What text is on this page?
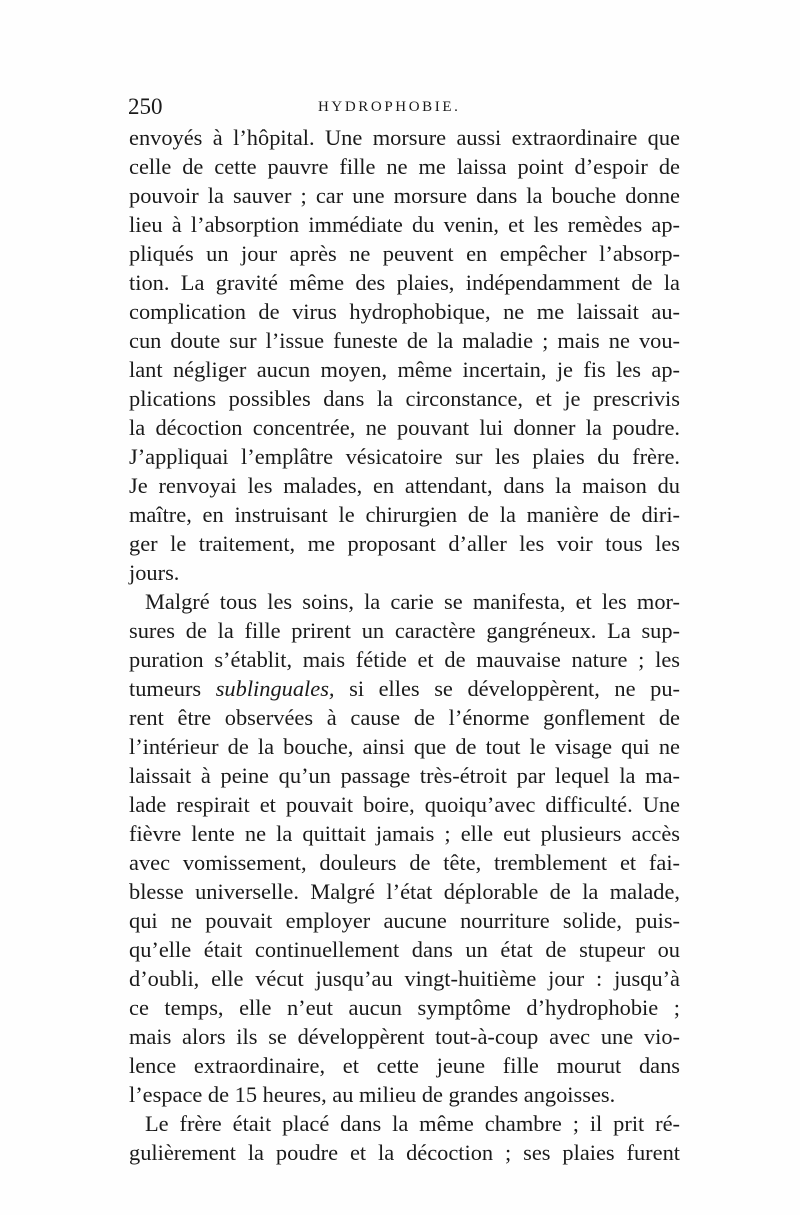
250	HYDROPHOBIE.
envoyés à l’hôpital. Une morsure aussi extraordinaire que
celle de cette pauvre fille ne me laissa point d’espoir de
pouvoir la sauver ; car une morsure dans la bouche donne
lieu à l’absorption immédiate du venin, et les remèdes ap-
pliqués un jour après ne peuvent en empêcher l’absorp-
tion. La gravité même des plaies, indépendamment de la
complication de virus hydrophobique, ne me laissait au-
cun doute sur l’issue funeste de la maladie ; mais ne vou-
lant négliger aucun moyen, même incertain, je fis les ap-
plications possibles dans la circonstance, et je prescrivis
la décoction concentrée, ne pouvant lui donner la poudre.
J’appliquai l’emplâtre vésicatoire sur les plaies du frère.
Je renvoyai les malades, en attendant, dans la maison du
maître, en instruisant le chirurgien de la manière de diri-
ger le traitement, me proposant d’aller les voir tous les
jours.
Malgré tous les soins, la carie se manifesta, et les mor-
sures de la fille prirent un caractère gangréneux. La sup-
puration s’établit, mais fétide et de mauvaise nature ; les
tumeurs sublinguales, si elles se développèrent, ne pu-
rent être observées à cause de l’énorme gonflement de
l’intérieur de la bouche, ainsi que de tout le visage qui ne
laissait à peine qu’un passage très-étroit par lequel la ma-
lade respirait et pouvait boire, quoiqu’avec difficulté. Une
fièvre lente ne la quittait jamais ; elle eut plusieurs accès
avec vomissement, douleurs de tête, tremblement et fai-
blesse universelle. Malgré l’état déplorable de la malade,
qui ne pouvait employer aucune nourriture solide, puis-
qu’elle était continuellement dans un état de stupeur ou
d’oubli, elle vécut jusqu’au vingt-huitième jour : jusqu’à
ce temps, elle n’eut aucun symptôme d’hydrophobie ;
mais alors ils se développèrent tout-à-coup avec une vio-
lence extraordinaire, et cette jeune fille mourut dans
l’espace de 15 heures, au milieu de grandes angoisses.
Le frère était placé dans la même chambre ; il prit ré-
gulièrement la poudre et la décoction ; ses plaies furent
